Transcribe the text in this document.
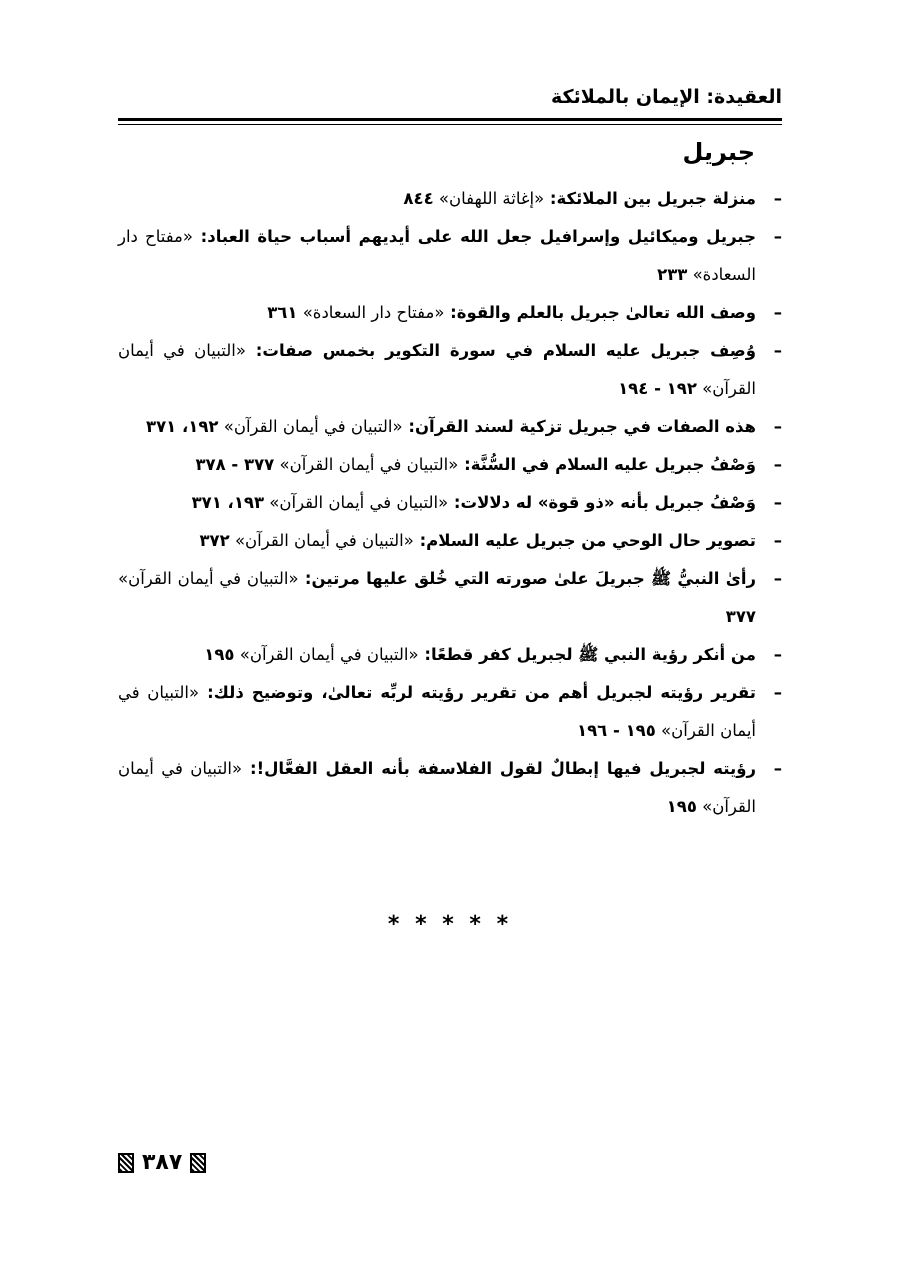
العقيدة: الإيمان بالملائكة
جبريل
–
منزلة جبريل بين الملائكة: «إغاثة اللهفان» ٨٤٤
–
جبريل وميكائيل وإسرافيل جعل الله على أيديهم أسباب حياة العباد: «مفتاح دار السعادة» ٢٣٣
–
وصف الله تعالىٰ جبريل بالعلم والقوة: «مفتاح دار السعادة» ٣٦١
–
وُصِف جبريل عليه السلام في سورة التكوير بخمس صفات: «التبيان في أيمان القرآن» ١٩٢ - ١٩٤
–
هذه الصفات في جبريل تزكية لسند القرآن: «التبيان في أيمان القرآن» ١٩٢، ٣٧١
–
وَصْفُ جبريل عليه السلام في السُّنَّة: «التبيان في أيمان القرآن» ٣٧٧ - ٣٧٨
–
وَصْفُ جبريل بأنه «ذو قوة» له دلالات: «التبيان في أيمان القرآن» ١٩٣، ٣٧١
–
تصوير حال الوحي من جبريل عليه السلام: «التبيان في أيمان القرآن» ٣٧٢
–
رأىٰ النبيُّ ﷺ جبريلَ علىٰ صورته التي خُلق عليها مرتين: «التبيان في أيمان القرآن» ٣٧٧
–
من أنكر رؤية النبي ﷺ لجبريل كفر قطعًا: «التبيان في أيمان القرآن» ١٩٥
–
تقرير رؤيته لجبريل أهم من تقرير رؤيته لربِّه تعالىٰ، وتوضيح ذلك: «التبيان في أيمان القرآن» ١٩٥ - ١٩٦
–
رؤيته لجبريل فيها إبطالٌ لقول الفلاسفة بأنه العقل الفعَّال!: «التبيان في أيمان القرآن» ١٩٥
* * * * *
٣٨٧
